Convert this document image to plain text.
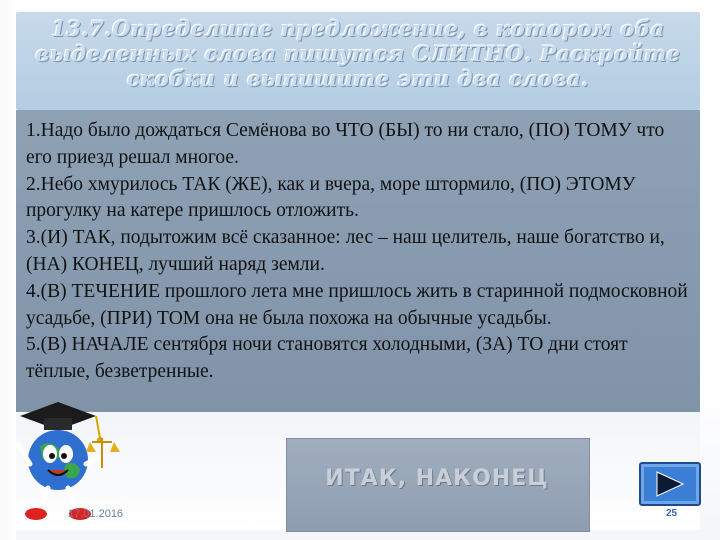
13.7.Определите предложение, в котором оба выделенных слова пишутся СЛИТНО. Раскройте скобки и выпишите эти два слова.

1.Надо было дождаться Семёнова во ЧТО (БЫ) то ни стало, (ПО) ТОМУ что его приезд решал многое.

2.Небо хмурилось ТАК (ЖЕ), как и вчера, море штормило, (ПО) ЭТОМУ прогулку на катере пришлось отложить.

3.(И) ТАК, подытожим всё сказанное: лес – наш целитель, наше богатство и, (НА) КОНЕЦ, лучший наряд земли.

4.(В) ТЕЧЕНИЕ прошлого лета мне пришлось жить в старинной подмосковной усадьбе, (ПРИ) ТОМ она не была похожа на обычные усадьбы.

5.(В) НАЧАЛЕ сентября ночи становятся холодными, (ЗА) ТО дни стоят тёплые, безветренные.

ИТАК, НАКОНЕЦ
17.01.2016	25
